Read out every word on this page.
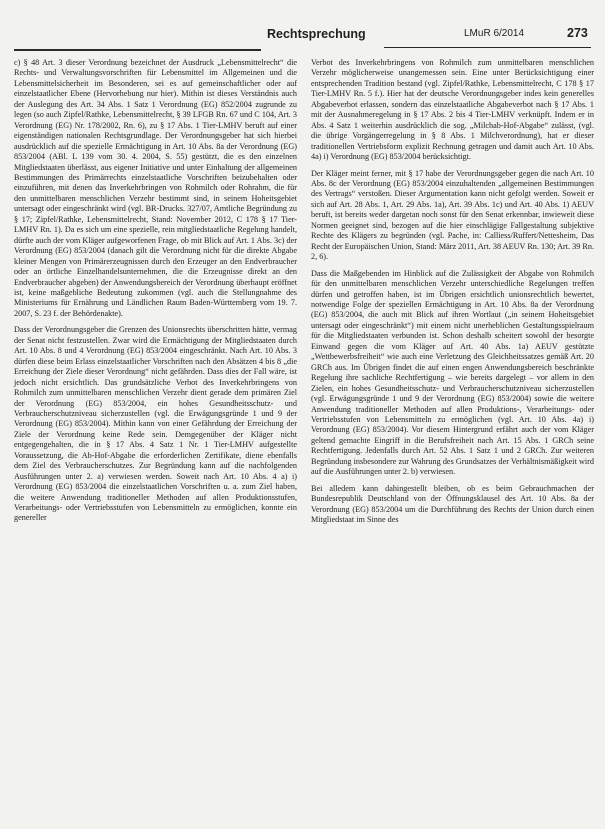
Rechtsprechung	LMuR 6/2014	273

c) § 48 Art. 3 dieser Verordnung bezeichnet der Ausdruck „Lebensmittelrecht“ die Rechts- und Verwaltungsvorschriften für Lebensmittel im Allgemeinen und die Lebensmittelsicherheit im Besonderen, sei es auf gemeinschaftlicher oder auf einzelstaatlicher Ebene (Hervorhebung nur hier). Mithin ist dieses Verständnis auch der Auslegung des Art. 34 Abs. 1 Satz 1 Verordnung (EG) 852/2004 zugrunde zu legen (so auch Zipfel/Rathke, Lebensmittelrecht, § 39 LFGB Rn. 67 und C 104, Art. 3 Verordnung (EG) Nr. 178/2002, Rn. 6), zu § 17 Abs. 1 Tier-LMHV beruft auf einer eigenständigen nationalen Rechtsgrundlage. Der Verordnungsgeber hat sich hierbei ausdrücklich auf die spezielle Ermächtigung in Art. 10 Abs. 8a der Verordnung (EG) 853/2004 (ABl. L 139 vom 30. 4. 2004, S. 55) gestützt, die es den einzelnen Mitgliedstaaten überlässt, aus eigener Initiative und unter Einhaltung der allgemeinen Bestimmungen des Primärrechts einzelstaatliche Vorschriften beizubehalten oder einzuführen, mit denen das Inverkehrbringen von Rohmilch oder Rohrahm, die für den unmittelbaren menschlichen Verzehr bestimmt sind, in seinem Hoheitsgebiet untersagt oder eingeschränkt wird (vgl. BR-Drucks. 327/07, Amtliche Begründung zu § 17; Zipfel/Rathke, Lebensmittelrecht, Stand: November 2012, C 178 § 17 Tier-LMHV Rn. 1). Da es sich um eine spezielle, rein mitgliedstaatliche Regelung handelt, dürfte auch der vom Kläger aufgeworfenen Frage, ob mit Blick auf Art. 1 Abs. 3c) der Verordnung (EG) 853/2004 (danach gilt die Verordnung nicht für die direkte Abgabe kleiner Mengen von Primärerzeugnissen durch den Erzeuger an den Endverbraucher oder an örtliche Einzelhandelsunternehmen, die die Erzeugnisse direkt an den Endverbraucher abgeben) der Anwendungsbereich der Verordnung überhaupt eröffnet ist, keine maßgebliche Bedeutung zukommen (vgl. auch die Stellungnahme des Ministeriums für Ernährung und Ländlichen Raum Baden-Württemberg vom 19. 7. 2007, S. 23 f. der Behördenakte).

Dass der Verordnungsgeber die Grenzen des Unionsrechts überschritten hätte, vermag der Senat nicht festzustellen. Zwar wird die Ermächtigung der Mitgliedstaaten durch Art. 10 Abs. 8 und 4 Verordnung (EG) 853/2004 eingeschränkt. Nach Art. 10 Abs. 3 dürfen diese beim Erlass einzelstaatlicher Vorschriften nach den Absätzen 4 bis 8 „die Erreichung der Ziele dieser Verordnung“ nicht gefährden. Dass dies der Fall wäre, ist jedoch nicht ersichtlich. Das grundsätzliche Verbot des Inverkehrbringens von Rohmilch zum unmittelbaren menschlichen Verzehr dient gerade dem primären Ziel der Verordnung (EG) 853/2004, ein hohes Gesundheitsschutz- und Verbraucherschutzniveau sicherzustellen (vgl. die Erwägungsgründe 1 und 9 der Verordnung (EG) 853/2004). Mithin kann von einer Gefährdung der Erreichung der Ziele der Verordnung keine Rede sein. Demgegenüber der Kläger nicht entgegengehalten, die in § 17 Abs. 4 Satz 1 Nr. 1 Tier-LMHV aufgestellte Voraussetzung, die Ab-Hof-Abgabe die erforderlichen Zertifikate, diene ebenfalls dem Ziel des Verbraucherschutzes. Zur Begründung kann auf die nachfolgenden Ausführungen unter 2. a) verwiesen werden. Soweit nach Art. 10 Abs. 4 a) i) Verordnung (EG) 853/2004 die einzelstaatlichen Vorschriften u. a. zum Ziel haben, die weitere Anwendung traditioneller Methoden auf allen Produktionsstufen, Verarbeitungs- oder Vertriebsstufen von Lebensmitteln zu ermöglichen, konnte ein genereller

Verbot des Inverkehrbringens von Rohmilch zum unmittelbaren menschlichen Verzehr möglicherweise unangemessen sein. Eine unter Berücksichtigung einer entsprechenden Tradition bestand (vgl. Zipfel/Rathke, Lebensmittelrecht, C 178 § 17 Tier-LMHV Rn. 5 f.). Hier hat der deutsche Verordnungsgeber indes kein generelles Abgabeverbot erlassen, sondern das einzelstaatliche Abgabeverbot nach § 17 Abs. 1 mit der Ausnahmeregelung in § 17 Abs. 2 bis 4 Tier-LMHV verknüpft. Indem er in Abs. 4 Satz 1 weiterhin ausdrücklich die sog. „Milchab-Hof-Abgabe“ zulässt, (vgl. die übrige Vorgängerregelung in § 8 Abs. 1 Milchverordnung), hat er dieser traditionellen Vertriebsform explizit Rechnung getragen und damit auch Art. 10 Abs. 4a) i) Verordnung (EG) 853/2004 berücksichtigt.

Der Kläger meint ferner, mit § 17 habe der Verordnungsgeber gegen die nach Art. 10 Abs. 8c der Verordnung (EG) 853/2004 einzuhaltenden „allgemeinen Bestimmungen des Vertrags“ verstoßen. Dieser Argumentation kann nicht gefolgt werden. Soweit er sich auf Art. 28 Abs. 1, Art. 29 Abs. 1a), Art. 39 Abs. 1c) und Art. 40 Abs. 1) AEUV beruft, ist bereits weder dargetan noch sonst für den Senat erkennbar, inwieweit diese Normen geeignet sind, bezogen auf die hier einschlägige Fallgestaltung subjektive Rechte des Klägers zu begründen (vgl. Pache, in: Calliess/Ruffert/Nettesheim, Das Recht der Europäischen Union, Stand: März 2011, Art. 38 AEUV Rn. 130; Art. 39 Rn. 2, 6).

Dass die Maßgebenden im Hinblick auf die Zulässigkeit der Abgabe von Rohmilch für den unmittelbaren menschlichen Verzehr unterschiedliche Regelungen treffen dürfen und getroffen haben, ist im Übrigen ersichtlich unionsrechtlich bewertet, notwendige Folge der speziellen Ermächtigung in Art. 10 Abs. 8a der Verordnung (EG) 853/2004, die auch mit Blick auf ihren Wortlaut („in seinem Hoheitsgebiet untersagt oder eingeschränkt“) mit einem nicht unerheblichen Gestaltungsspielraum für die Mitgliedstaaten verbunden ist. Schon deshalb scheitert sowohl der besorgte Einwand gegen die vom Kläger auf Art. 40 Abs. 1a) AEUV gestützte „Wettbewerbsfreiheit“ wie auch eine Verletzung des Gleichheitssatzes gemäß Art. 20 GRCh aus. Im Übrigen findet die auf einen engen Anwendungsbereich beschränkte Regelung ihre sachliche Rechtfertigung – wie bereits dargelegt – vor allem in den Zielen, ein hohes Gesundheitsschutz- und Verbraucherschutzniveau sicherzustellen (vgl. Erwägungsgründe 1 und 9 der Verordnung (EG) 853/2004) sowie die weitere Anwendung traditioneller Methoden auf allen Produktions-, Verarbeitungs- oder Vertriebsstufen von Lebensmitteln zu ermöglichen (vgl. Art. 10 Abs. 4a) i) Verordnung (EG) 853/2004). Vor diesem Hintergrund erfährt auch der vom Kläger geltend gemachte Eingriff in die Berufsfreiheit nach Art. 15 Abs. 1 GRCh seine Rechtfertigung. Jedenfalls durch Art. 52 Abs. 1 Satz 1 und 2 GRCh. Zur weiteren Begründung insbesondere zur Wahrung des Grundsatzes der Verhältnismäßigkeit wird auf die Ausführungen unter 2. b) verwiesen.

Bei alledem kann dahingestellt bleiben, ob es beim Gebrauchmachen der Bundesrepublik Deutschland von der Öffnungsklausel des Art. 10 Abs. 8a der Verordnung (EG) 853/2004 um die Durchführung des Rechts der Union durch einen Mitgliedstaat im Sinne des
